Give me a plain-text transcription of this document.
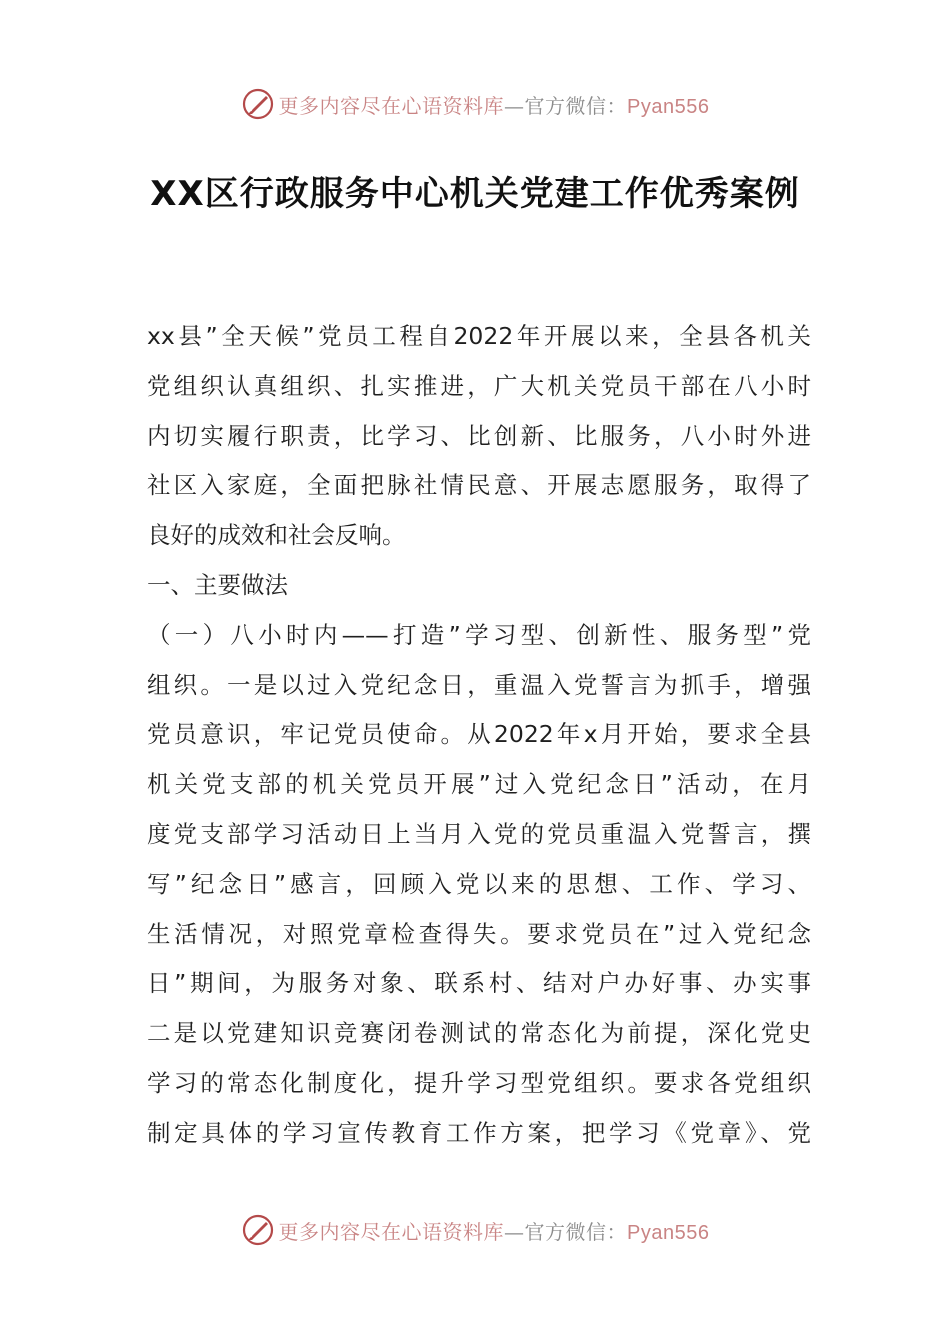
更多内容尽在心语资料库—官方微信：Pyan556
XX区行政服务中心机关党建工作优秀案例
xx县”全天候”党员工程自2022年开展以来，全县各机关
党组织认真组织、扎实推进，广大机关党员干部在八小时
内切实履行职责，比学习、比创新、比服务，八小时外进
社区入家庭，全面把脉社情民意、开展志愿服务，取得了
良好的成效和社会反响。
一、主要做法
（一）八小时内——打造”学习型、创新性、服务型”党
组织。一是以过入党纪念日，重温入党誓言为抓手，增强
党员意识，牢记党员使命。从2022年x月开始，要求全县
机关党支部的机关党员开展”过入党纪念日”活动，在月
度党支部学习活动日上当月入党的党员重温入党誓言，撰
写”纪念日”感言，回顾入党以来的思想、工作、学习、
生活情况，对照党章检查得失。要求党员在”过入党纪念
日”期间，为服务对象、联系村、结对户办好事、办实事
二是以党建知识竞赛闭卷测试的常态化为前提，深化党史
学习的常态化制度化，提升学习型党组织。要求各党组织
制定具体的学习宣传教育工作方案，把学习《党章》、党
更多内容尽在心语资料库—官方微信：Pyan556
